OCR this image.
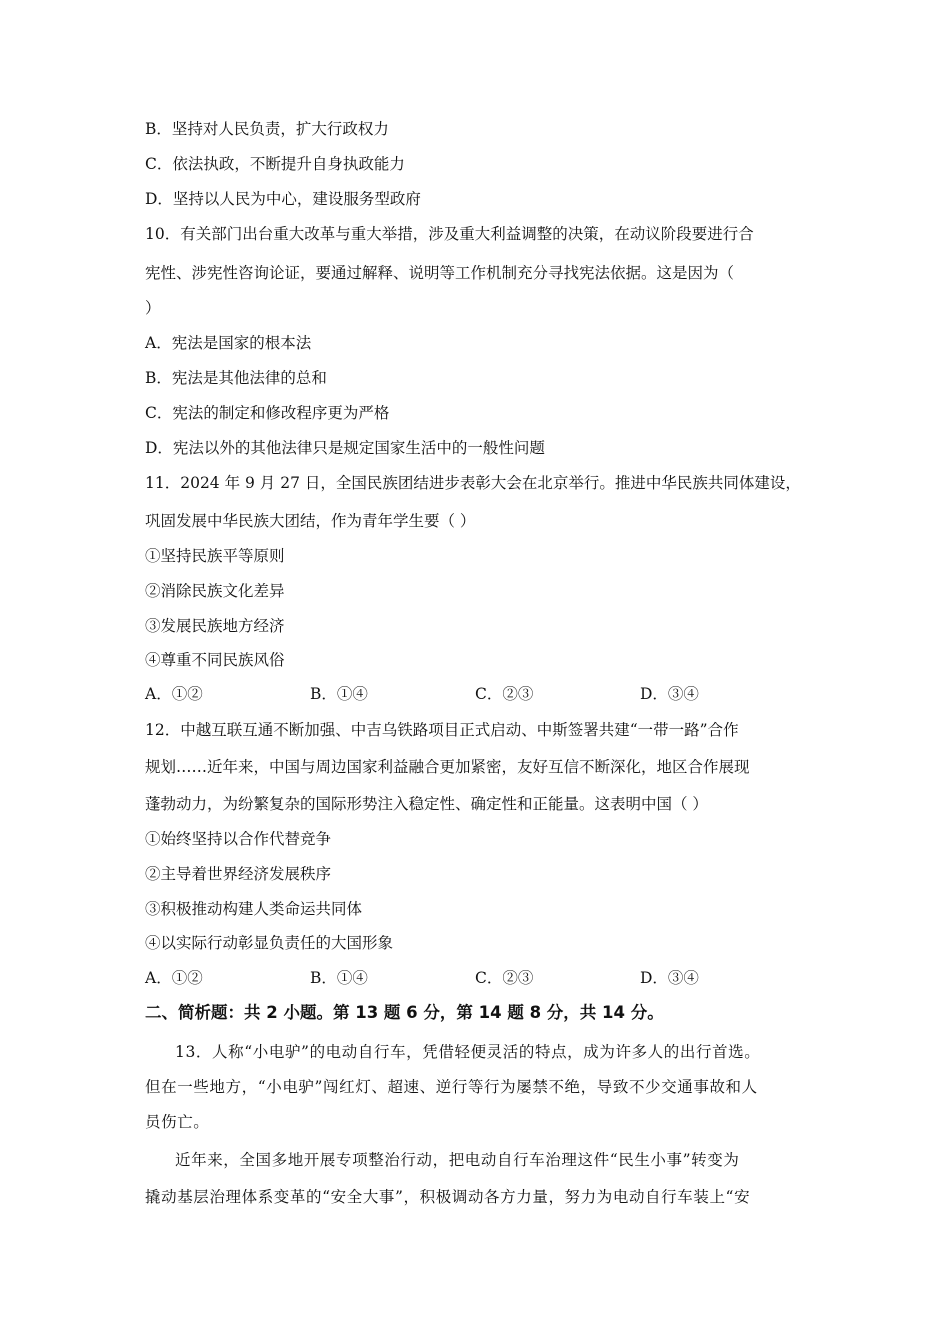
B．坚持对人民负责，扩大行政权力
C．依法执政，不断提升自身执政能力
D．坚持以人民为中心，建设服务型政府
10．有关部门出台重大改革与重大举措，涉及重大利益调整的决策，在动议阶段要进行合
宪性、涉宪性咨询论证，要通过解释、说明等工作机制充分寻找宪法依据。这是因为（
）
A．宪法是国家的根本法
B．宪法是其他法律的总和
C．宪法的制定和修改程序更为严格
D．宪法以外的其他法律只是规定国家生活中的一般性问题
11．2024 年 9 月 27 日，全国民族团结进步表彰大会在北京举行。推进中华民族共同体建设，
巩固发展中华民族大团结，作为青年学生要（ ）
①坚持民族平等原则
②消除民族文化差异
③发展民族地方经济
④尊重不同民族风俗
A．①②	B．①④	C．②③	D．③④
12．中越互联互通不断加强、中吉乌铁路项目正式启动、中斯签署共建“一带一路”合作
规划……近年来，中国与周边国家利益融合更加紧密，友好互信不断深化，地区合作展现
蓬勃动力，为纷繁复杂的国际形势注入稳定性、确定性和正能量。这表明中国（ ）
①始终坚持以合作代替竞争
②主导着世界经济发展秩序
③积极推动构建人类命运共同体
④以实际行动彰显负责任的大国形象
A．①②	B．①④	C．②③	D．③④
二、简析题：共 2 小题。第 13 题 6 分，第 14 题 8 分，共 14 分。
13．人称“小电驴”的电动自行车，凭借轻便灵活的特点，成为许多人的出行首选。
但在一些地方，“小电驴”闯红灯、超速、逆行等行为屡禁不绝，导致不少交通事故和人
员伤亡。
近年来，全国多地开展专项整治行动，把电动自行车治理这件“民生小事”转变为
撬动基层治理体系变革的“安全大事”，积极调动各方力量，努力为电动自行车装上“安
